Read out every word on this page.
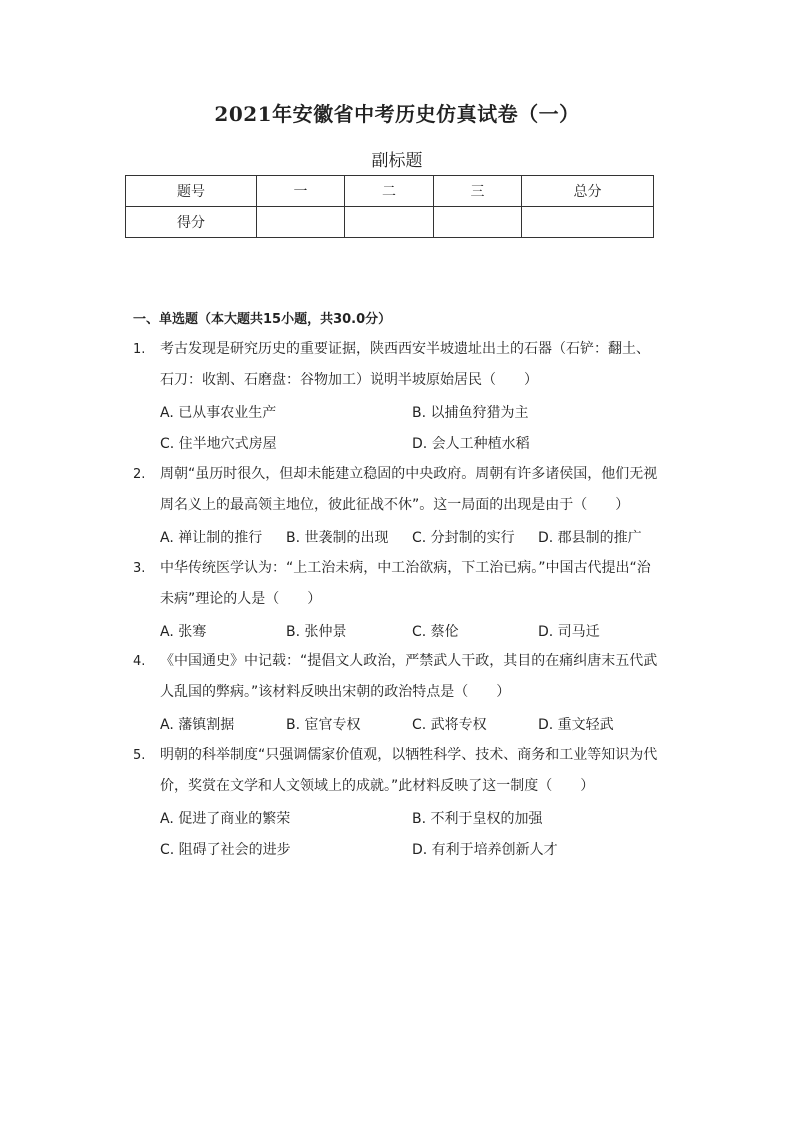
2021年安徽省中考历史仿真试卷（一）
副标题
题号	一	二	三	总分
得分				
一、单选题（本大题共15小题，共30.0分）
1. 考古发现是研究历史的重要证据，陕西西安半坡遗址出土的石器（石铲：翻土、石刀：收割、石磨盘：谷物加工）说明半坡原始居民（　　）
A. 已从事农业生产	B. 以捕鱼狩猎为主
C. 住半地穴式房屋	D. 会人工种植水稻
2. 周朝“虽历时很久，但却未能建立稳固的中央政府。周朝有许多诸侯国，他们无视周名义上的最高领主地位，彼此征战不休”。这一局面的出现是由于（　　）
A. 禅让制的推行 B. 世袭制的出现 C. 分封制的实行 D. 郡县制的推广
3. 中华传统医学认为：“上工治未病，中工治欲病，下工治已病。”中国古代提出“治未病”理论的人是（　　）
A. 张骞	B. 张仲景	C. 蔡伦	D. 司马迁
4. 《中国通史》中记载：“提倡文人政治，严禁武人干政，其目的在痛纠唐末五代武人乱国的弊病。”该材料反映出宋朝的政治特点是（　　）
A. 藩镇割据	B. 宦官专权	C. 武将专权	D. 重文轻武
5. 明朝的科举制度“只强调儒家价值观，以牺牲科学、技术、商务和工业等知识为代价，奖赏在文学和人文领域上的成就。”此材料反映了这一制度（　　）
A. 促进了商业的繁荣	B. 不利于皇权的加强
C. 阻碍了社会的进步	D. 有利于培养创新人才
